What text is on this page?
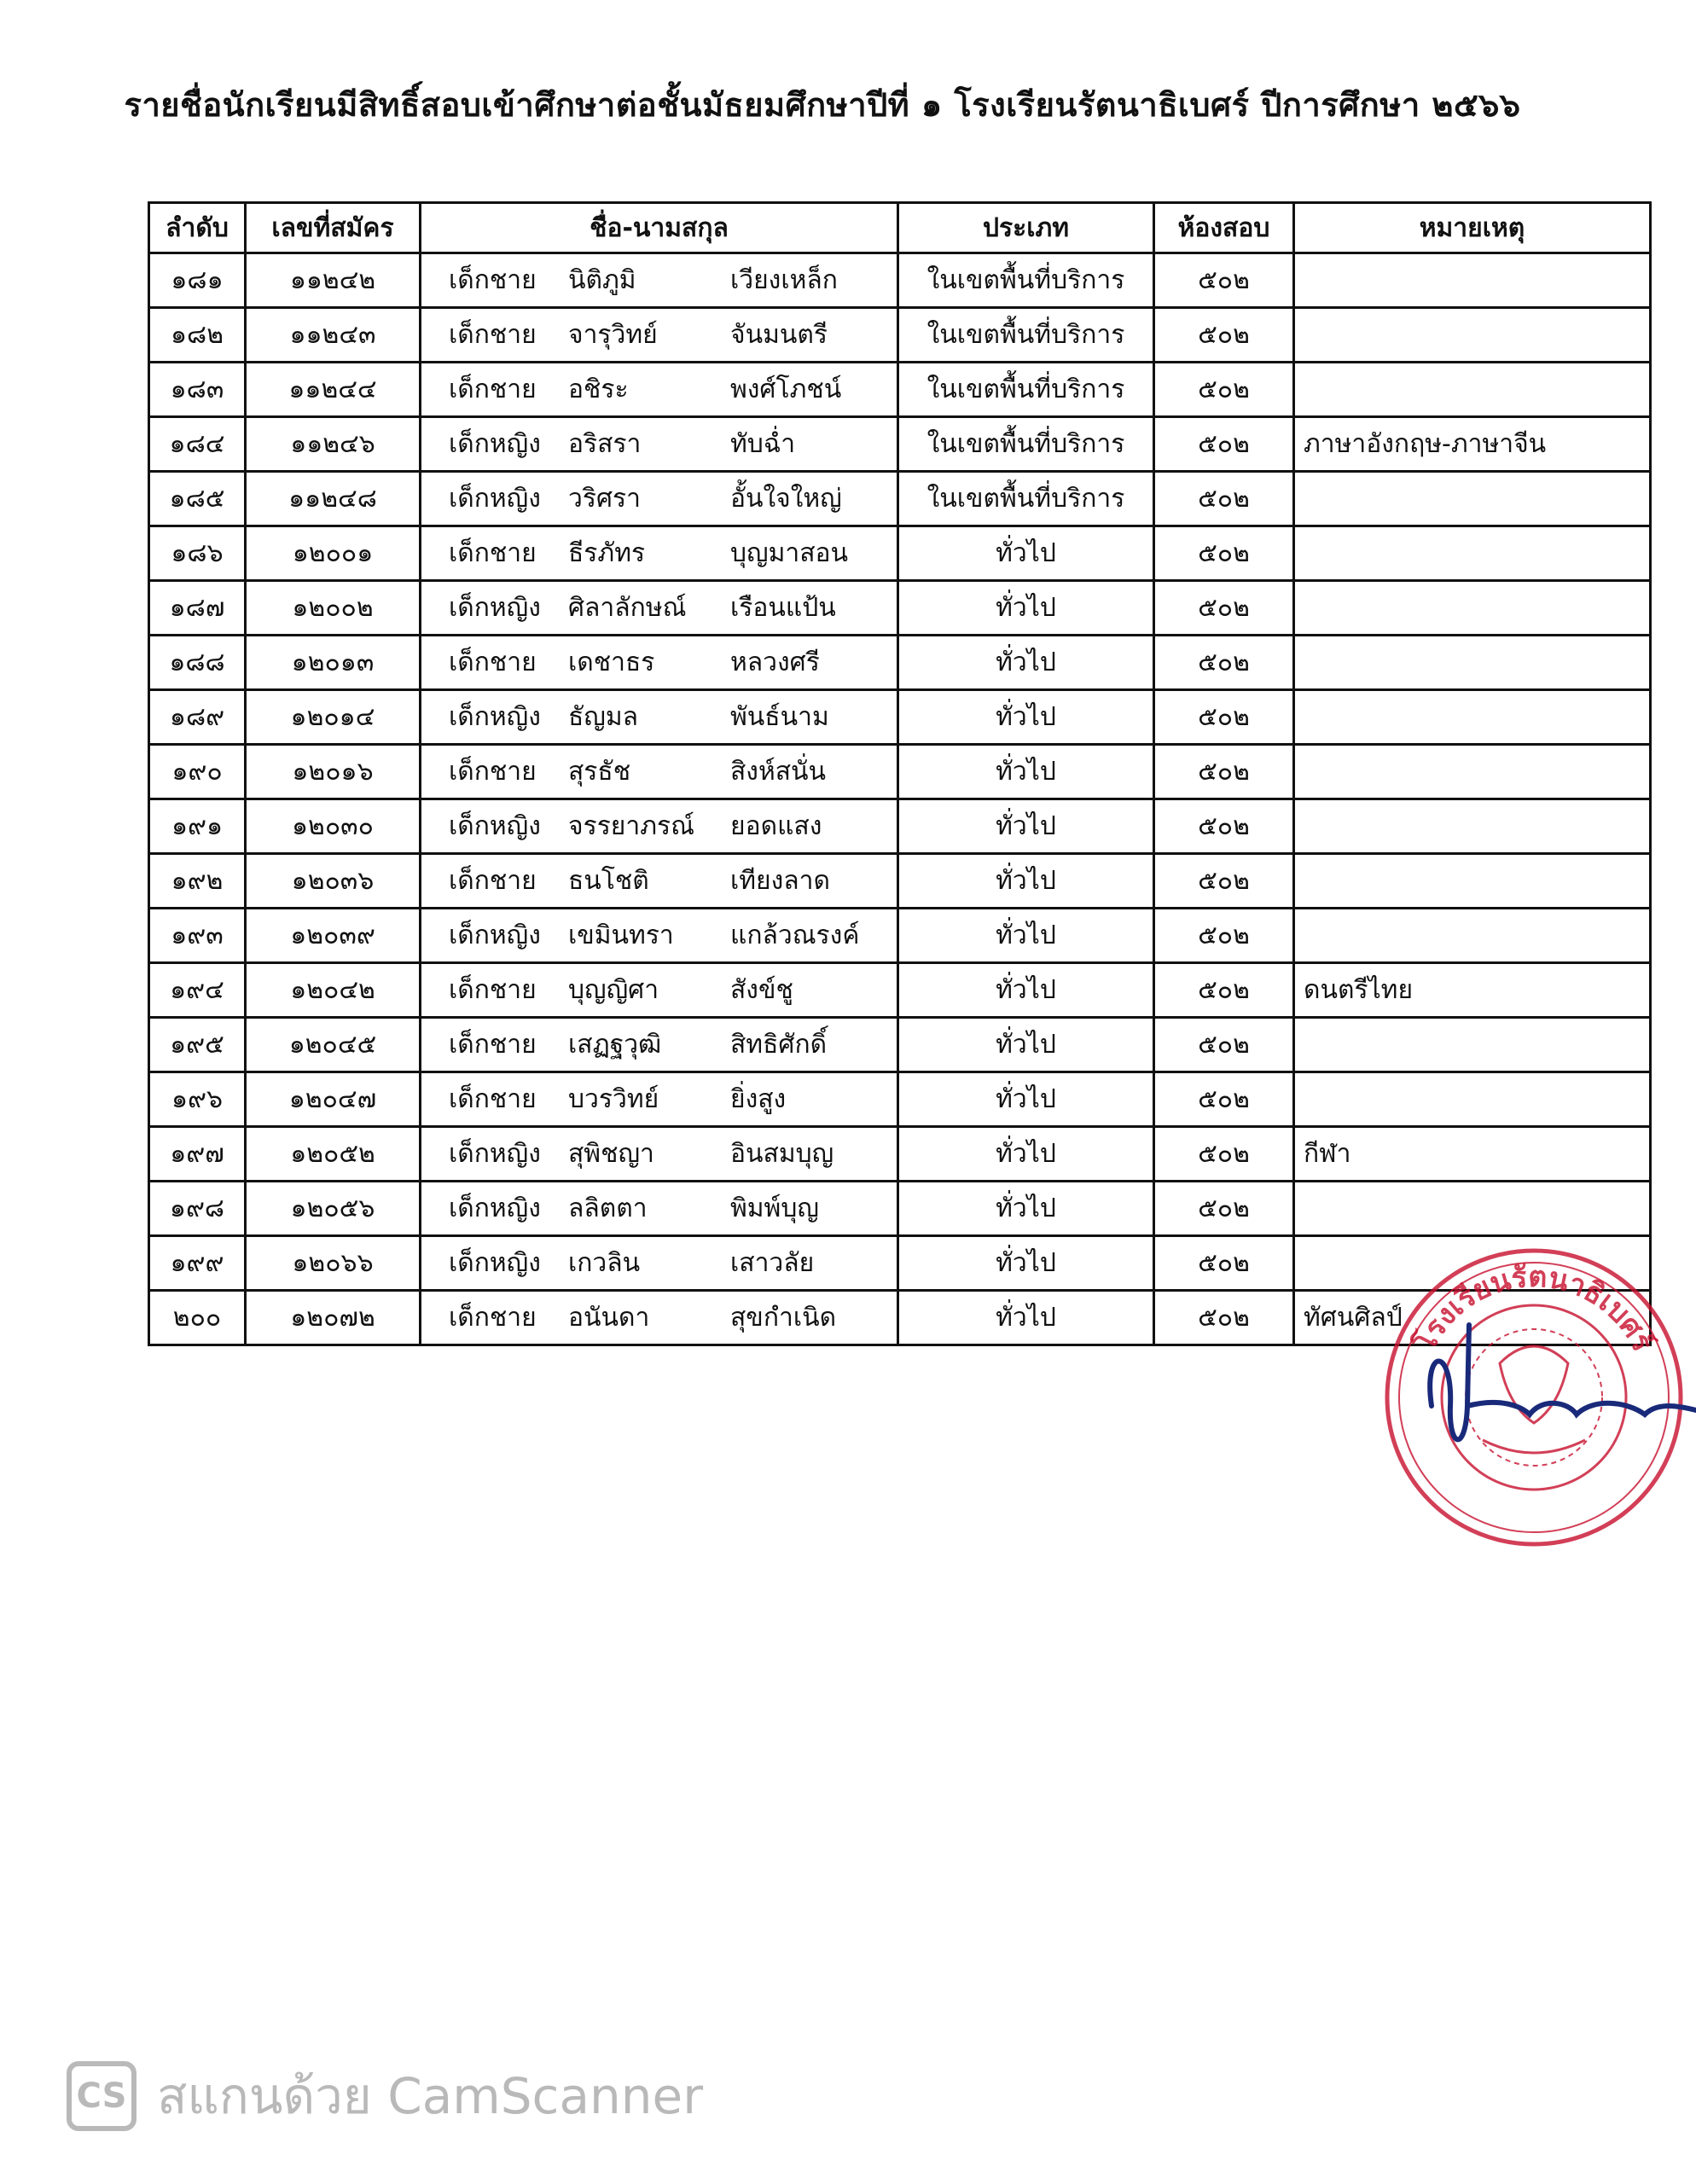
รายชื่อนักเรียนมีสิทธิ์สอบเข้าศึกษาต่อชั้นมัธยมศึกษาปีที่ ๑ โรงเรียนรัตนาธิเบศร์ ปีการศึกษา ๒๕๖๖
ลำดับ	เลขที่สมัคร	ชื่อ-นามสกุล	ประเภท	ห้องสอบ	หมายเหตุ
๑๘๑	๑๑๒๔๒	เด็กชาย นิติภูมิ เวียงเหล็ก	ในเขตพื้นที่บริการ	๕๐๒	
๑๘๒	๑๑๒๔๓	เด็กชาย จารุวิทย์ จันมนตรี	ในเขตพื้นที่บริการ	๕๐๒	
๑๘๓	๑๑๒๔๔	เด็กชาย อชิระ พงศ์โภชน์	ในเขตพื้นที่บริการ	๕๐๒	
๑๘๔	๑๑๒๔๖	เด็กหญิง อริสรา ทับฉ่ำ	ในเขตพื้นที่บริการ	๕๐๒	ภาษาอังกฤษ-ภาษาจีน
๑๘๕	๑๑๒๔๘	เด็กหญิง วริศรา อั้นใจใหญ่	ในเขตพื้นที่บริการ	๕๐๒	
๑๘๖	๑๒๐๐๑	เด็กชาย ธีรภัทร บุญมาสอน	ทั่วไป	๕๐๒	
๑๘๗	๑๒๐๐๒	เด็กหญิง ศิลาลักษณ์ เรือนแป้น	ทั่วไป	๕๐๒	
๑๘๘	๑๒๐๑๓	เด็กชาย เดชาธร หลวงศรี	ทั่วไป	๕๐๒	
๑๘๙	๑๒๐๑๔	เด็กหญิง ธัญมล พันธ์นาม	ทั่วไป	๕๐๒	
๑๙๐	๑๒๐๑๖	เด็กชาย สุรธัช สิงห์สนั่น	ทั่วไป	๕๐๒	
๑๙๑	๑๒๐๓๐	เด็กหญิง จรรยาภรณ์ ยอดแสง	ทั่วไป	๕๐๒	
๑๙๒	๑๒๐๓๖	เด็กชาย ธนโชติ เทียงลาด	ทั่วไป	๕๐๒	
๑๙๓	๑๒๐๓๙	เด็กหญิง เขมินทรา แกล้วณรงค์	ทั่วไป	๕๐๒	
๑๙๔	๑๒๐๔๒	เด็กชาย บุญญิศา สังข์ชู	ทั่วไป	๕๐๒	ดนตรีไทย
๑๙๕	๑๒๐๔๕	เด็กชาย เสฏฐวุฒิ สิทธิศักดิ์	ทั่วไป	๕๐๒	
๑๙๖	๑๒๐๔๗	เด็กชาย บวรวิทย์ ยิ่งสูง	ทั่วไป	๕๐๒	
๑๙๗	๑๒๐๕๒	เด็กหญิง สุพิชญา อินสมบุญ	ทั่วไป	๕๐๒	กีฬา
๑๙๘	๑๒๐๕๖	เด็กหญิง ลลิตตา พิมพ์บุญ	ทั่วไป	๕๐๒	
๑๙๙	๑๒๐๖๖	เด็กหญิง เกวลิน เสาวลัย	ทั่วไป	๕๐๒	
๒๐๐	๑๒๐๗๒	เด็กชาย อนันดา สุขกำเนิด	ทั่วไป	๕๐๒	ทัศนศิลป์
โรงเรียนรัตนาธิเบศร์
CS สแกนด้วย CamScanner
